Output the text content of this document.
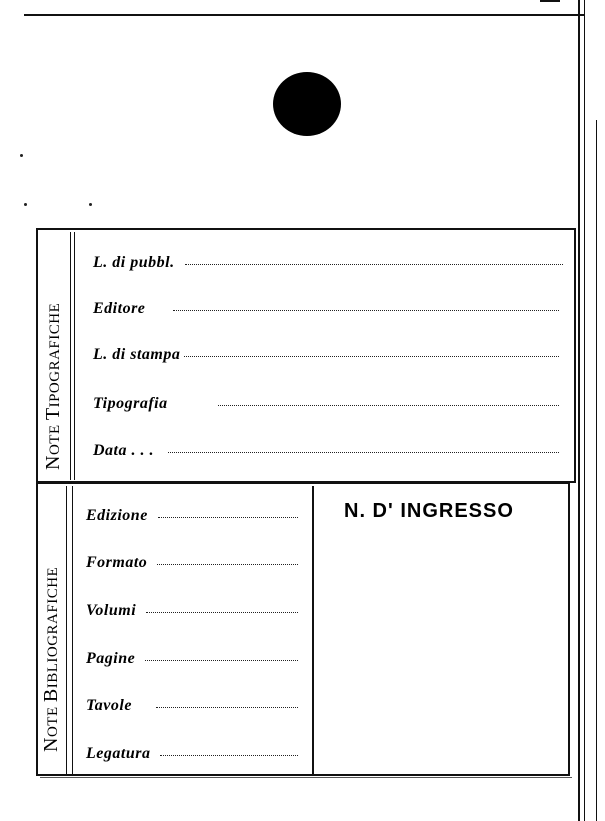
NOTE TIPOGRAFICHE
L. di pubbl.
Editore
L. di stampa
Tipografia
Data . . .
NOTE BIBLIOGRAFICHE
Edizione
Formato
Volumi
Pagine
Tavole
Legatura
N. D' INGRESSO
